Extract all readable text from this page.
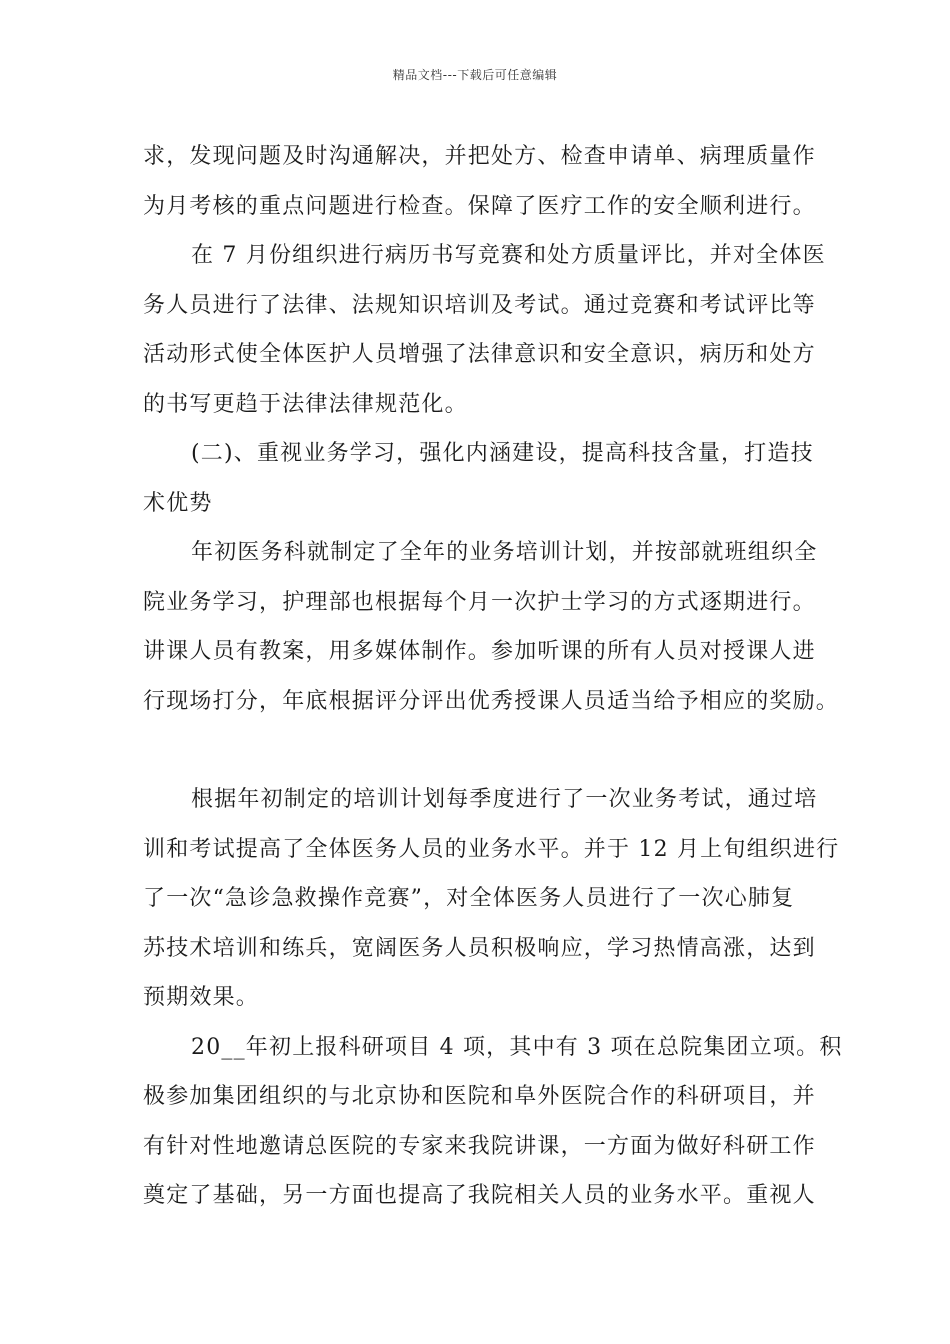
精品文档---下载后可任意编辑

求，发现问题及时沟通解决，并把处方、检查申请单、病理质量作
为月考核的重点问题进行检查。保障了医疗工作的安全顺利进行。

在 7 月份组织进行病历书写竞赛和处方质量评比，并对全体医
务人员进行了法律、法规知识培训及考试。通过竞赛和考试评比等
活动形式使全体医护人员增强了法律意识和安全意识，病历和处方
的书写更趋于法律法律规范化。

(二)、重视业务学习，强化内涵建设，提高科技含量，打造技
术优势

年初医务科就制定了全年的业务培训计划，并按部就班组织全
院业务学习，护理部也根据每个月一次护士学习的方式逐期进行。
讲课人员有教案，用多媒体制作。参加听课的所有人员对授课人进
行现场打分，年底根据评分评出优秀授课人员适当给予相应的奖励。

根据年初制定的培训计划每季度进行了一次业务考试，通过培
训和考试提高了全体医务人员的业务水平。并于 12 月上旬组织进行
了一次“急诊急救操作竞赛”，对全体医务人员进行了一次心肺复
苏技术培训和练兵，宽阔医务人员积极响应，学习热情高涨，达到
预期效果。

20__年初上报科研项目 4 项，其中有 3 项在总院集团立项。积
极参加集团组织的与北京协和医院和阜外医院合作的科研项目，并
有针对性地邀请总医院的专家来我院讲课，一方面为做好科研工作
奠定了基础，另一方面也提高了我院相关人员的业务水平。重视人
